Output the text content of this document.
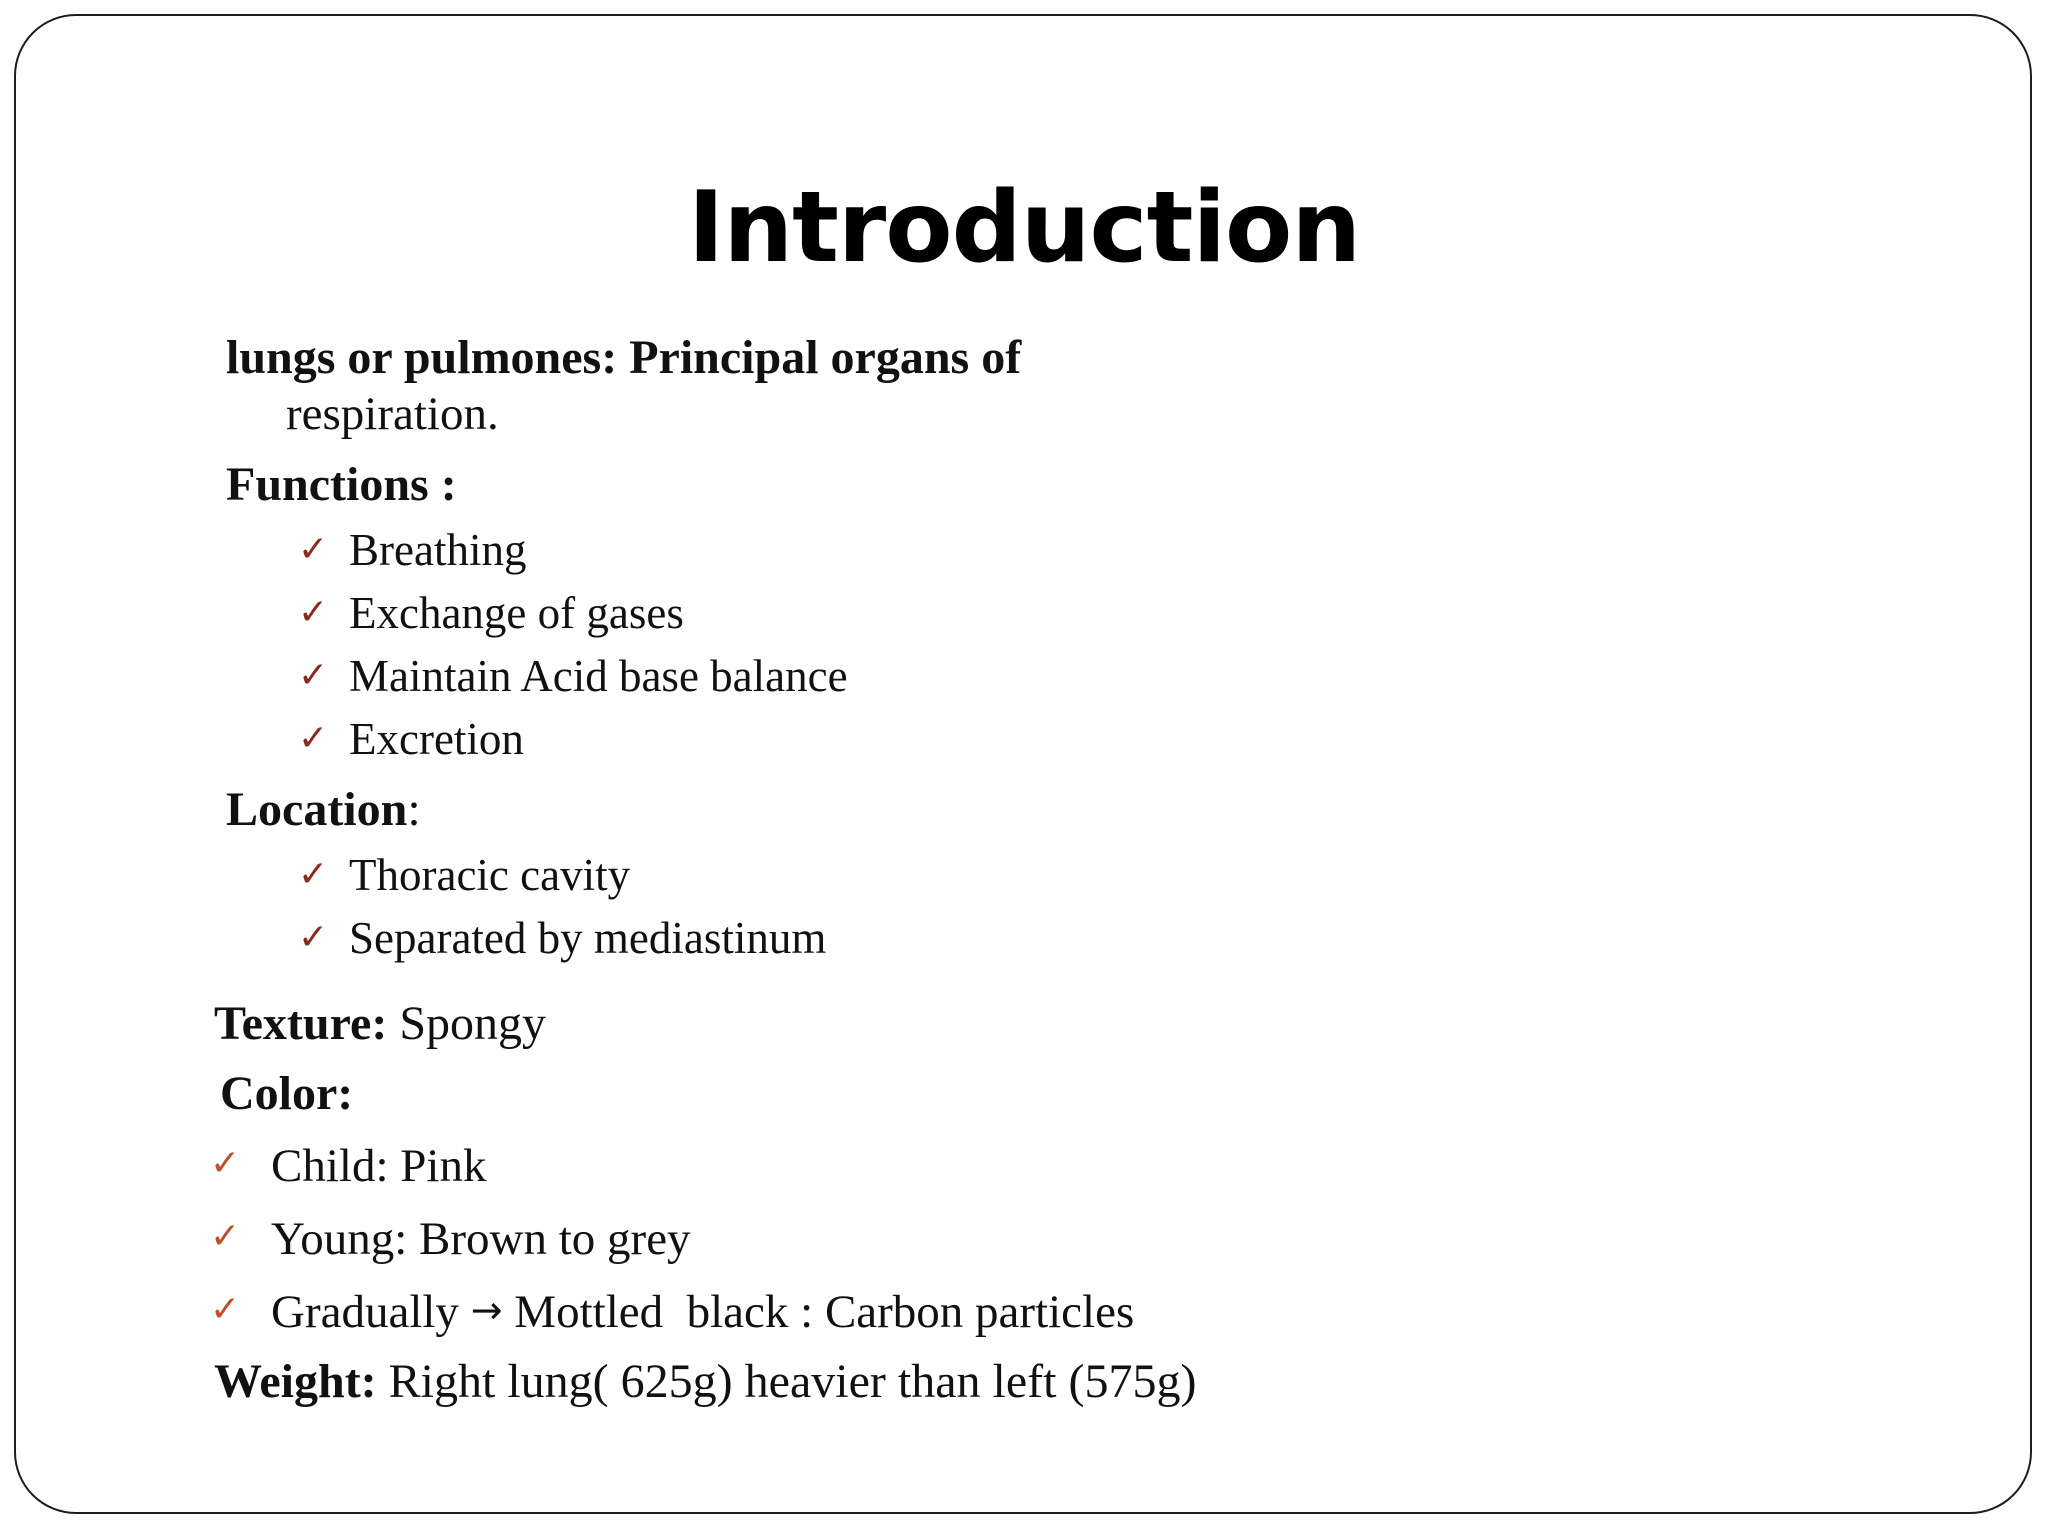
Introduction
lungs or pulmones: Principal organs of
respiration.
Functions :
✓ Breathing
✓ Exchange of gases
✓ Maintain Acid base balance
✓ Excretion
Location:
✓ Thoracic cavity
✓ Separated by mediastinum
Texture: Spongy
Color:
✓ Child: Pink
✓ Young: Brown to grey
✓ Gradually → Mottled  black : Carbon particles
Weight: Right lung( 625g) heavier than left (575g)
